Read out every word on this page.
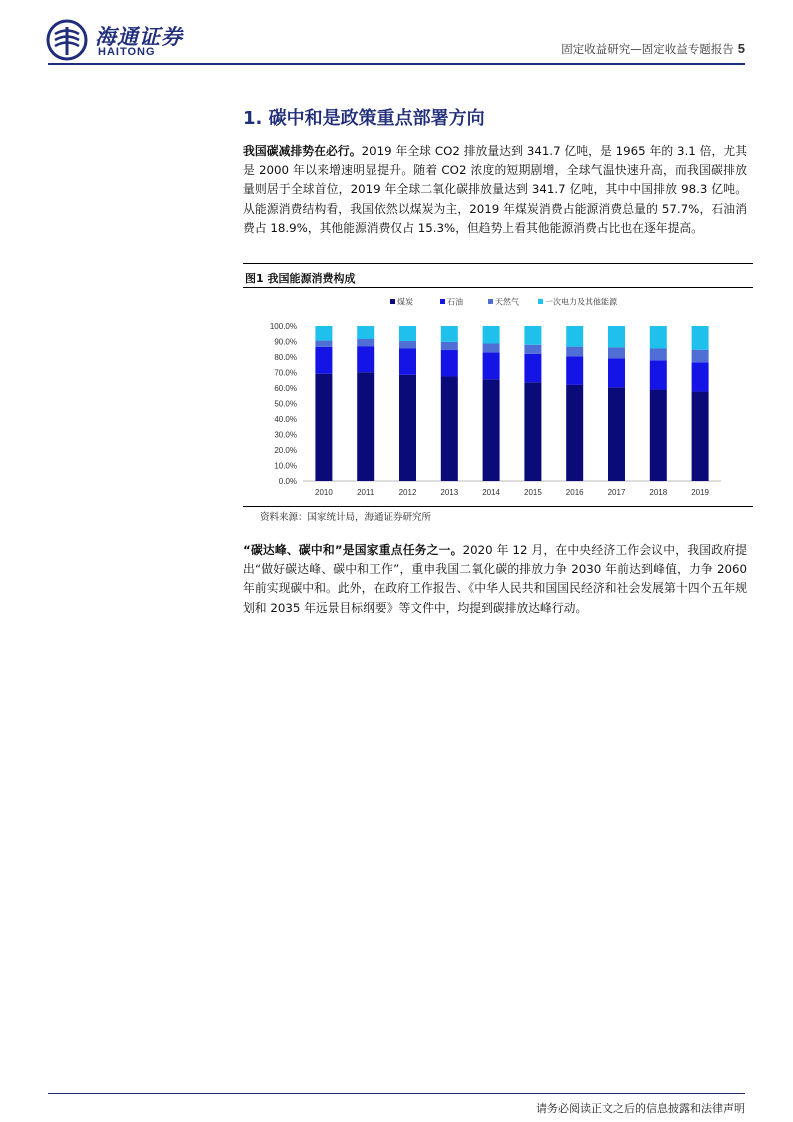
海通证券
HAITONG	固定收益研究—固定收益专题报告 5
1. 碳中和是政策重点部署方向
我国碳减排势在必行。2019 年全球 CO2 排放量达到 341.7 亿吨，是 1965 年的 3.1 倍，尤其是 2000 年以来增速明显提升。随着 CO2 浓度的短期剧增，全球气温快速升高，而我国碳排放量则居于全球首位，2019 年全球二氧化碳排放量达到 341.7 亿吨，其中中国排放 98.3 亿吨。从能源消费结构看，我国依然以煤炭为主，2019 年煤炭消费占能源消费总量的 57.7%，石油消费占 18.9%，其他能源消费仅占 15.3%，但趋势上看其他能源消费占比也在逐年提高。
图1 我国能源消费构成
煤炭	石油	天然气	一次电力及其他能源
0.0%
10.0%
20.0%
30.0%
40.0%
50.0%
60.0%
70.0%
80.0%
90.0%
100.0%
2010	2011	2012	2013	2014	2015	2016	2017	2018	2019
资料来源：国家统计局，海通证券研究所
“碳达峰、碳中和”是国家重点任务之一。2020 年 12 月，在中央经济工作会议中，我国政府提出“做好碳达峰、碳中和工作”，重申我国二氧化碳的排放力争 2030 年前达到峰值，力争 2060 年前实现碳中和。此外，在政府工作报告、《中华人民共和国国民经济和社会发展第十四个五年规划和 2035 年远景目标纲要》等文件中，均提到碳排放达峰行动。
请务必阅读正文之后的信息披露和法律声明
